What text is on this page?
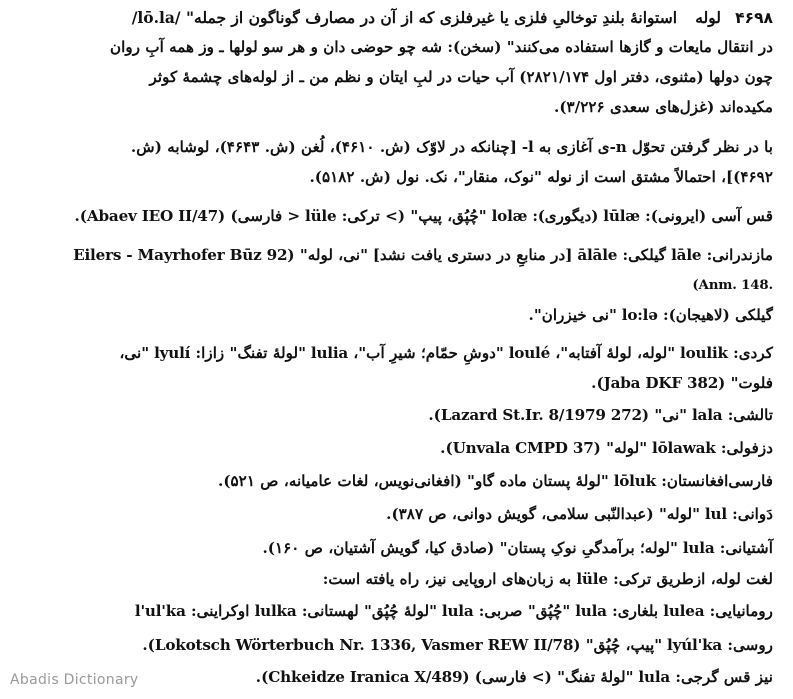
۴۶۹۸
لوله
/lō.la/ "استوانهٔ بلندِ توخالیِ فلزی یا غیرفلزی که از آن در مصارف گوناگون از جمله
در انتقال مایعات و گازها استفاده می‌کنند" (سخن): شه چو حوضی دان و هر سو لولها ـ وز همه آبِ روان
چون دولها (مثنوی، دفتر اول ۲۸۲۱/۱۷۴) آب حیات در لبِ ایتان و نظم من ـ از لوله‌های چشمهٔ کوثر
مکیده‌اند (غزل‌های سعدی ۳/۲۲۶).
با در نظر گرفتن تحوّل n-ی آغازی به l- [چنانکه در لاوّک (ش. ۴۶۱۰)، لُغن (ش. ۴۶۴۳)، لوشابه (ش.
۴۶۹۲)]، احتمالاً مشتق است از نوله "نوک، منقار"، نک. نول (ش. ۵۱۸۲).
قس آسی (ایرونی): lūlæ (دیگوری): lolæ "چُپُق، پیپ" (> ترکی: lüle < فارسی) (Abaev IEO II/47).
مازندرانی: lāle گیلکی: ālāle [در منابعِ در دستری یافت نشد] "نی، لوله" (Eilers - Mayrhofer Būz 92
(Anm. 148.
گیلکی (لاهیجان): lo:lə "نی خیزران".
کردی: loulik "لوله، لولهٔ آفتابه"، loulé "دوشِ حمّام؛ شیرِ آب"، lulia "لولهٔ تفنگ" زازا: lyulí "نی،
فلوت" (Jaba DKF 382).
تالشی: lala "نی" (Lazard St.Ir. 8/1979 272).
دزفولی: lōlawak "لوله" (Unvala CMPD 37).
فارسی‌افغانستان: lōluk "لولهٔ پستان ماده گاو" (افغانی‌نویس، لغات عامیانه، ص ۵۲۱).
دَوانی: lul "لوله" (عبدالنّبی سلامی، گویش دوانی، ص ۳۸۷).
آشتیانی: lula "لوله؛ برآمدگیِ نوکِ پستان" (صادق کیا، گویش آشتیان، ص ۱۶۰).
لغت لوله، ازطریق ترکی: lüle به زبان‌های اروپایی نیز، راه یافته است:
رومانیایی: lulea بلغاری: lula "چُپُق" صربی: lula "لولهٔ چُپُق" لهستانی: lulka اوکراینی: l'ul'ka
روسی: lyúl'ka "پیپ، چُپُق" (Lokotsch Wörterbuch Nr. 1336, Vasmer REW II/78).
نیز قس گرجی: lula "لولهٔ تفنگ" (> فارسی) (Chkeidze Iranica X/489).
Abadis Dictionary
